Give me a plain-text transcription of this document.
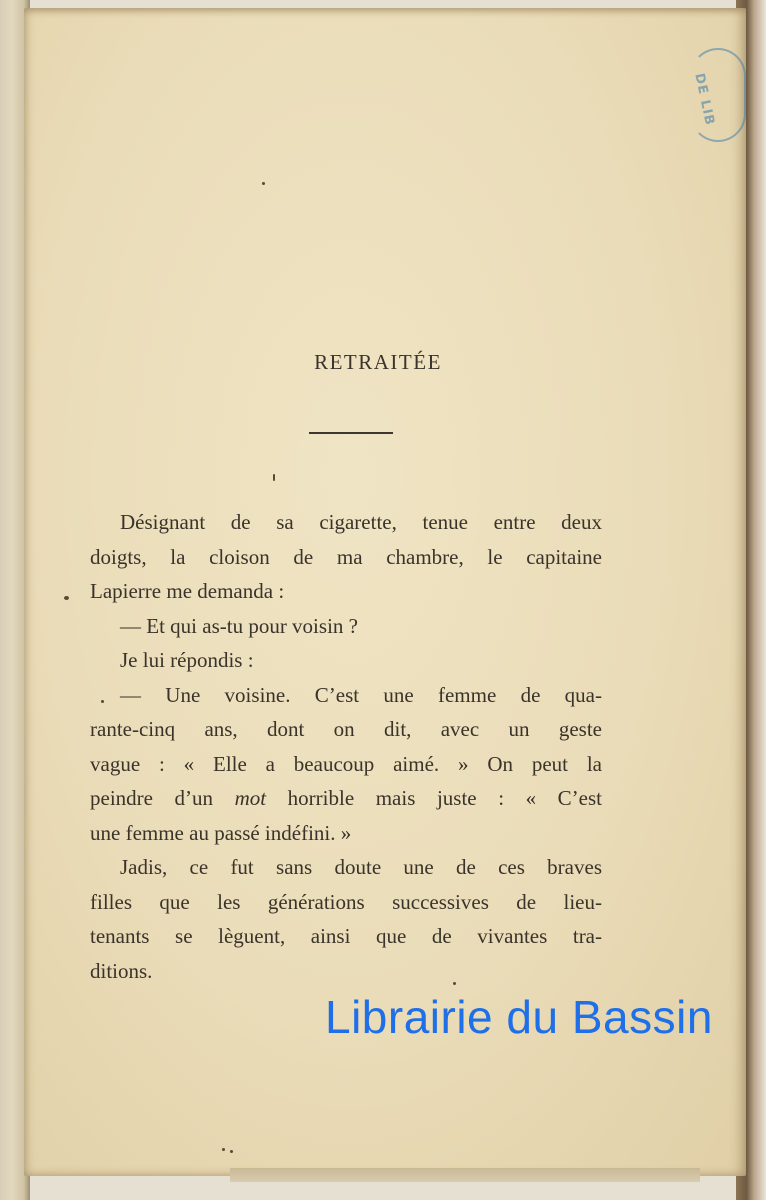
DE LIB
RETRAITÉE
Désignant de sa cigarette, tenue entre deux
doigts, la cloison de ma chambre, le capitaine
Lapierre me demanda :
— Et qui as-tu pour voisin ?
Je lui répondis :
— Une voisine. C’est une femme de qua-
rante-cinq ans, dont on dit, avec un geste
vague : « Elle a beaucoup aimé. » On peut la
peindre d’un mot horrible mais juste : « C’est
une femme au passé indéfini. »
Jadis, ce fut sans doute une de ces braves
filles que les générations successives de lieu-
tenants se lèguent, ainsi que de vivantes tra-
ditions.
Librairie du Bassin
